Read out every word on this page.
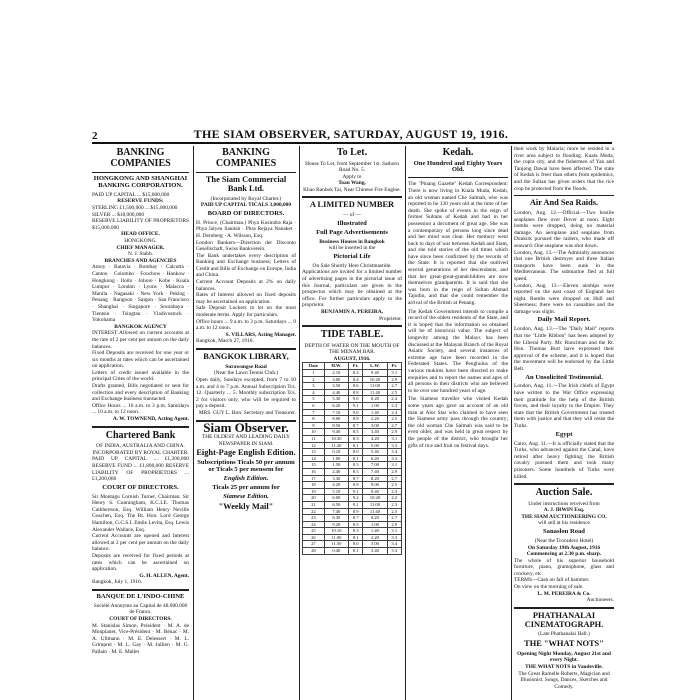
2	THE SIAM OBSERVER, SATURDAY, AUGUST 19, 1916.
BANKING COMPANIES
HONGKONG AND SHANGHAI BANKING CORPORATION.
PAID UP CAPITAL ... $15,000,000
RESERVE FUNDS:
STERLING £1,500,000 ... $15,000,000
SILVER ... $18,000,000
RESERVE LIABILITY OF PROPRIETORS $15,000,000
HEAD OFFICE.
HONGKONG.
CHIEF MANAGER.
N. J. Stabb.
BRANCHES AND AGENCIES
Amoy · Batavia · Bombay · Calcutta · Canton · Colombo · Foochow · Hankow · Hongkong · Iloilo · Johore · Kobe · Kuala Lumpur · London · Lyons · Malacca · Manila · Nagasaki · New York · Peking · Penang · Rangoon · Saigon · San Francisco · Shanghai · Singapore · Sourabaya · Tientsin · Tsingtau · Vladivostock · Yokohama
BANGKOK AGENCY
INTEREST Allowed on current accounts at the rate of 2 per cent per annum on the daily balances.
Fixed Deposits are received for one year or six months at rates which can be ascertained on application.
Letters of credit issued available in the principal Cities of the world.
Drafts granted, Bills negotiated or sent for collection and every description of Banking and Exchange business transacted.
Office Hours ... 10 a.m. to 3 p.m. Saturdays ... 10 a.m. to 12 noon.
A. W. TOWNEND, Acting Agent.
Chartered Bank
OF INDIA, AUSTRALIA AND CHINA.
INCORPORATED BY ROYAL CHARTER.
PAID UP CAPITAL ... £1,200,000 RESERVE FUND ... £1,800,000 RESERVE LIABILITY OF PROPRIETORS ... £1,200,000
COURT OF DIRECTORS.
Sir Montagu Cornish Turner, Chairman. Sir Henry S. Cunningham, K.C.I.E. Thomas Cuthbertson, Esq. William Henry Neville Goschen, Esq. The Rt. Hon. Lord George Hamilton, G.C.S.I. Emile Levita, Esq. Lewis Alexander Wallace, Esq.
Current Accounts are opened and Interest allowed at 2 per cent per annum on the daily balance.
Deposits are received for fixed periods at rates which can be ascertained on application.
G. H. ALLEN, Agent.
Bangkok, July 1, 1916.
BANQUE DE L'INDO-CHINE
Société Anonyme au Capital de 48.000.000 de Francs.
COURT OF DIRECTORS.
M. Stanislas Simon, Président · M. A. de Monplanet, Vice-Président · M. Bénac · M. A. Ullmann · M. E. Delessert · M. L. Grimprel · M. L. Gay · M. Jullien · M. G. Pallain · M. E. Mallet
BANKING COMPANIES
The Siam Commercial Bank Ltd.
(Incorporated by Royal Charter.)
PAID UP CAPITAL TICALS 3,000,000
BOARD OF DIRECTORS.
H. Prince, (Chairman.) Phya Kosindra Raja · Phya Jalyeu Sanitsh · Phra Rejaya Nanaket · H. Dernberg · A. Wilsson, Esq.
London Bankers—Direction der Disconto Gesellschaft, Swiss Bankverein.
The Bank undertakes every description of Banking and Exchange business; Letters of Credit and Bills of Exchange on Europe, India and China.
Current Account Deposits at 2% on daily balances.
Rates of Interest allowed on fixed deposits may be ascertained on application.
Safe Deposit Lockers to let on the most moderate terms. Apply for particulars.
Office hours ... 9 a.m. to 3 p.m. Saturdays ... 9 a.m. to 12 noon.
S. VILLARS, Acting Manager.
Bangkok, March 27, 1916.
BANGKOK LIBRARY,
Surawongse Road
(Near the Lawn Tennis Club.)
Open daily, Sundays excepted, from 7 to 10 a.m. and 4 to 7 p.m. Annual Subscription Tcs. 12. Quarterly ... 5. Monthly subscription Tcs. 2 for visitors only, who will be required to pay a deposit.
MRS. GUY L. Hon. Secretary and Treasurer.
Siam Observer.
THE OLDEST AND LEADING DAILY NEWSPAPER IN SIAM.
Eight-Page English Edition.
Subscriptions Ticals 50 per annum or Ticals 5 per mensem for
English Edition.
Ticals 25 per annum for
Siamese Edition.
"Weekly Mail"
To Let.
House To Let, from September 1st. Sathorn Road No. 5.
Apply to
Toan Wang,
Khao Banbok Tai, Near Chinese Fire Engine.
A LIMITED NUMBER
— of —
Illustrated
Full Page Advertisements
Business Houses in Bangkok
will be inserted in the
Pictorial Life
On Sale Shortly Here Christmastide.
Applications are invited for a limited number of advertising pages in the pictorial issue of this Journal, particulars are given in the prospectus which may be obtained at the office. For further particulars apply to the proprietor.
BENJAMIN A. PEREIRA,
Proprietor.
TIDE TABLE.
DEPTH OF WATER ON THE MOUTH OF THE MENAM BAR.
AUGUST, 1916.
Date	H.W.	Ft.	L.W.	Ft.
1	2.10	8.2	9.40	3.1
2	3.00	8.4	10.20	2.9
3	3.50	8.6	11.00	2.7
4	4.40	8.8	11.40	2.5
5	5.30	9.0	0.20	2.4
6	6.20	9.1	1.00	2.3
7	7.10	9.0	1.40	2.4
8	8.00	8.9	2.20	2.5
9	8.50	8.7	3.00	2.7
10	9.40	8.5	3.40	2.9
11	10.30	8.3	4.20	3.1
12	11.20	8.1	5.00	3.3
13	0.10	8.0	5.40	3.4
14	1.00	8.1	6.20	3.3
15	1.50	8.3	7.00	3.1
16	2.40	8.5	7.40	2.9
17	3.30	8.7	8.20	2.7
18	4.20	8.9	9.00	2.5
19	5.10	9.1	9.40	2.3
20	6.00	9.2	10.20	2.2
21	6.50	9.1	11.00	2.3
22	7.40	8.9	11.40	2.5
23	8.30	8.7	0.20	2.7
24	9.20	8.5	1.00	2.9
25	10.10	8.3	1.40	3.1
26	11.00	8.1	2.20	3.3
27	11.50	8.0	3.00	3.4
28	0.40	8.1	3.40	3.3
Kedah.
One Hundred and Eighty Years Old.
The "Pinang Gazette" Kedah Correspondent: There is now living in Kuala Muda, Kedah, an old woman named Che Salmah, who was reported to be 130 years old at the time of her death. She spoke of events in the reign of former Sultans of Kedah and had in her possession a document of great age. She was a contemporary of persons long since dead and her mind was clear. Her memory went back to days of war between Kedah and Siam, and she told stories of the old times which have since been confirmed by the records of the State. It is reported that she outlived several generations of her descendants, and that her great-great-grandchildren are now themselves grandparents. It is said that she was born in the reign of Sultan Ahmad Tajudin, and that she could remember the arrival of the British at Penang.
The Kedah Government intends to compile a record of the oldest residents of the State, and it is hoped that the information so obtained will be of historical value. The subject of longevity among the Malays has been discussed at the Malayan Branch of the Royal Asiatic Society, and several instances of extreme age have been recorded in the Federated States. The Penghulus of the various mukims have been directed to make enquiries and to report the names and ages of all persons in their districts who are believed to be over one hundred years of age.
The Siamese traveller who visited Kedah some years ago gave an account of an old man at Alor Star who claimed to have seen the Siamese army pass through the country; the old woman Che Salmah was said to be even older, and was held in great respect by the people of the district, who brought her gifts of rice and fruit on festival days.
their work by Malaria; more he resided in a river area subject to flooding. Kuala Muda, the copra city, and the fishermen of Yan and Tanjong Dawai have been affected. The state of Kedah is freer than others from epidemics, and the Sultan has given orders that the rice crop be protected from the floods.
Air And Sea Raids.
London, Aug. 12.—Official.—Two hostile seaplanes flew over Dover at noon. Eight bombs were dropped, doing no material damage. An aeroplane and seaplane from Dunkirk pursued the raiders, who made off seaward. One seaplane was shot down.
London, Aug. 13.—The Admiralty announces that one British destroyer and three Italian transports have been sunk in the Mediterranean. The submarine fled at full speed.
London, Aug. 13.—Eleven airships were reported on the east coast of England last night. Bombs were dropped on Hull and Sheerness; there were no casualties and the damage was slight.
Daily Mail Report.
London, Aug. 13.—The "Daily Mail" reports that the "Little Ribbon" has been adopted by the Liberal Party. Mr. Runciman and the Rt. Hon. Thomas Burt have expressed their approval of the scheme, and it is hoped that the movement will be endorsed by the Little Belt.
An Unsolicited Testimonial.
London, Aug. 11.—The Irish chiefs of Egypt have written to the War Office expressing their gratitude for the help of the British forces, and their loyalty to the Empire. They state that the British Government has treated them with justice and that they will resist the Turks.
Egypt
Cairo, Aug. 11.—It is officially stated that the Turks, who advanced against the Canal, have retired after heavy fighting; the British cavalry pursued them and took many prisoners. Some hundreds of Turks were killed.
Auction Sale.
Under instructions received from
A. J. IRWIN Esq.
THE SIAM AUCTIONEERING CO.
will sell at his residence
Sanaslon Road
(Near the Trocadero Hotel)
On Saturday 19th August, 1916 Commencing at 2.30 p.m. sharp.
The whole of his superior household furniture, piano, gramophone, glass and crockery, etc.
TERMS—Cash on fall of hammer.
On view on the morning of sale.
L. M. PEREIRA & Co.
Auctioneers.
PHATHANALAI CINEMATOGRAPH.
(Late Phathanalai Hall.)
THE "WHAT NOTS"
Opening Night Monday, August 21st and every Night.
THE WHAT NOTS in Vaudeville.
The Great Ramelle Roberts, Magician and Illusionist. Songs, Dances, Sketches and Comedy.
